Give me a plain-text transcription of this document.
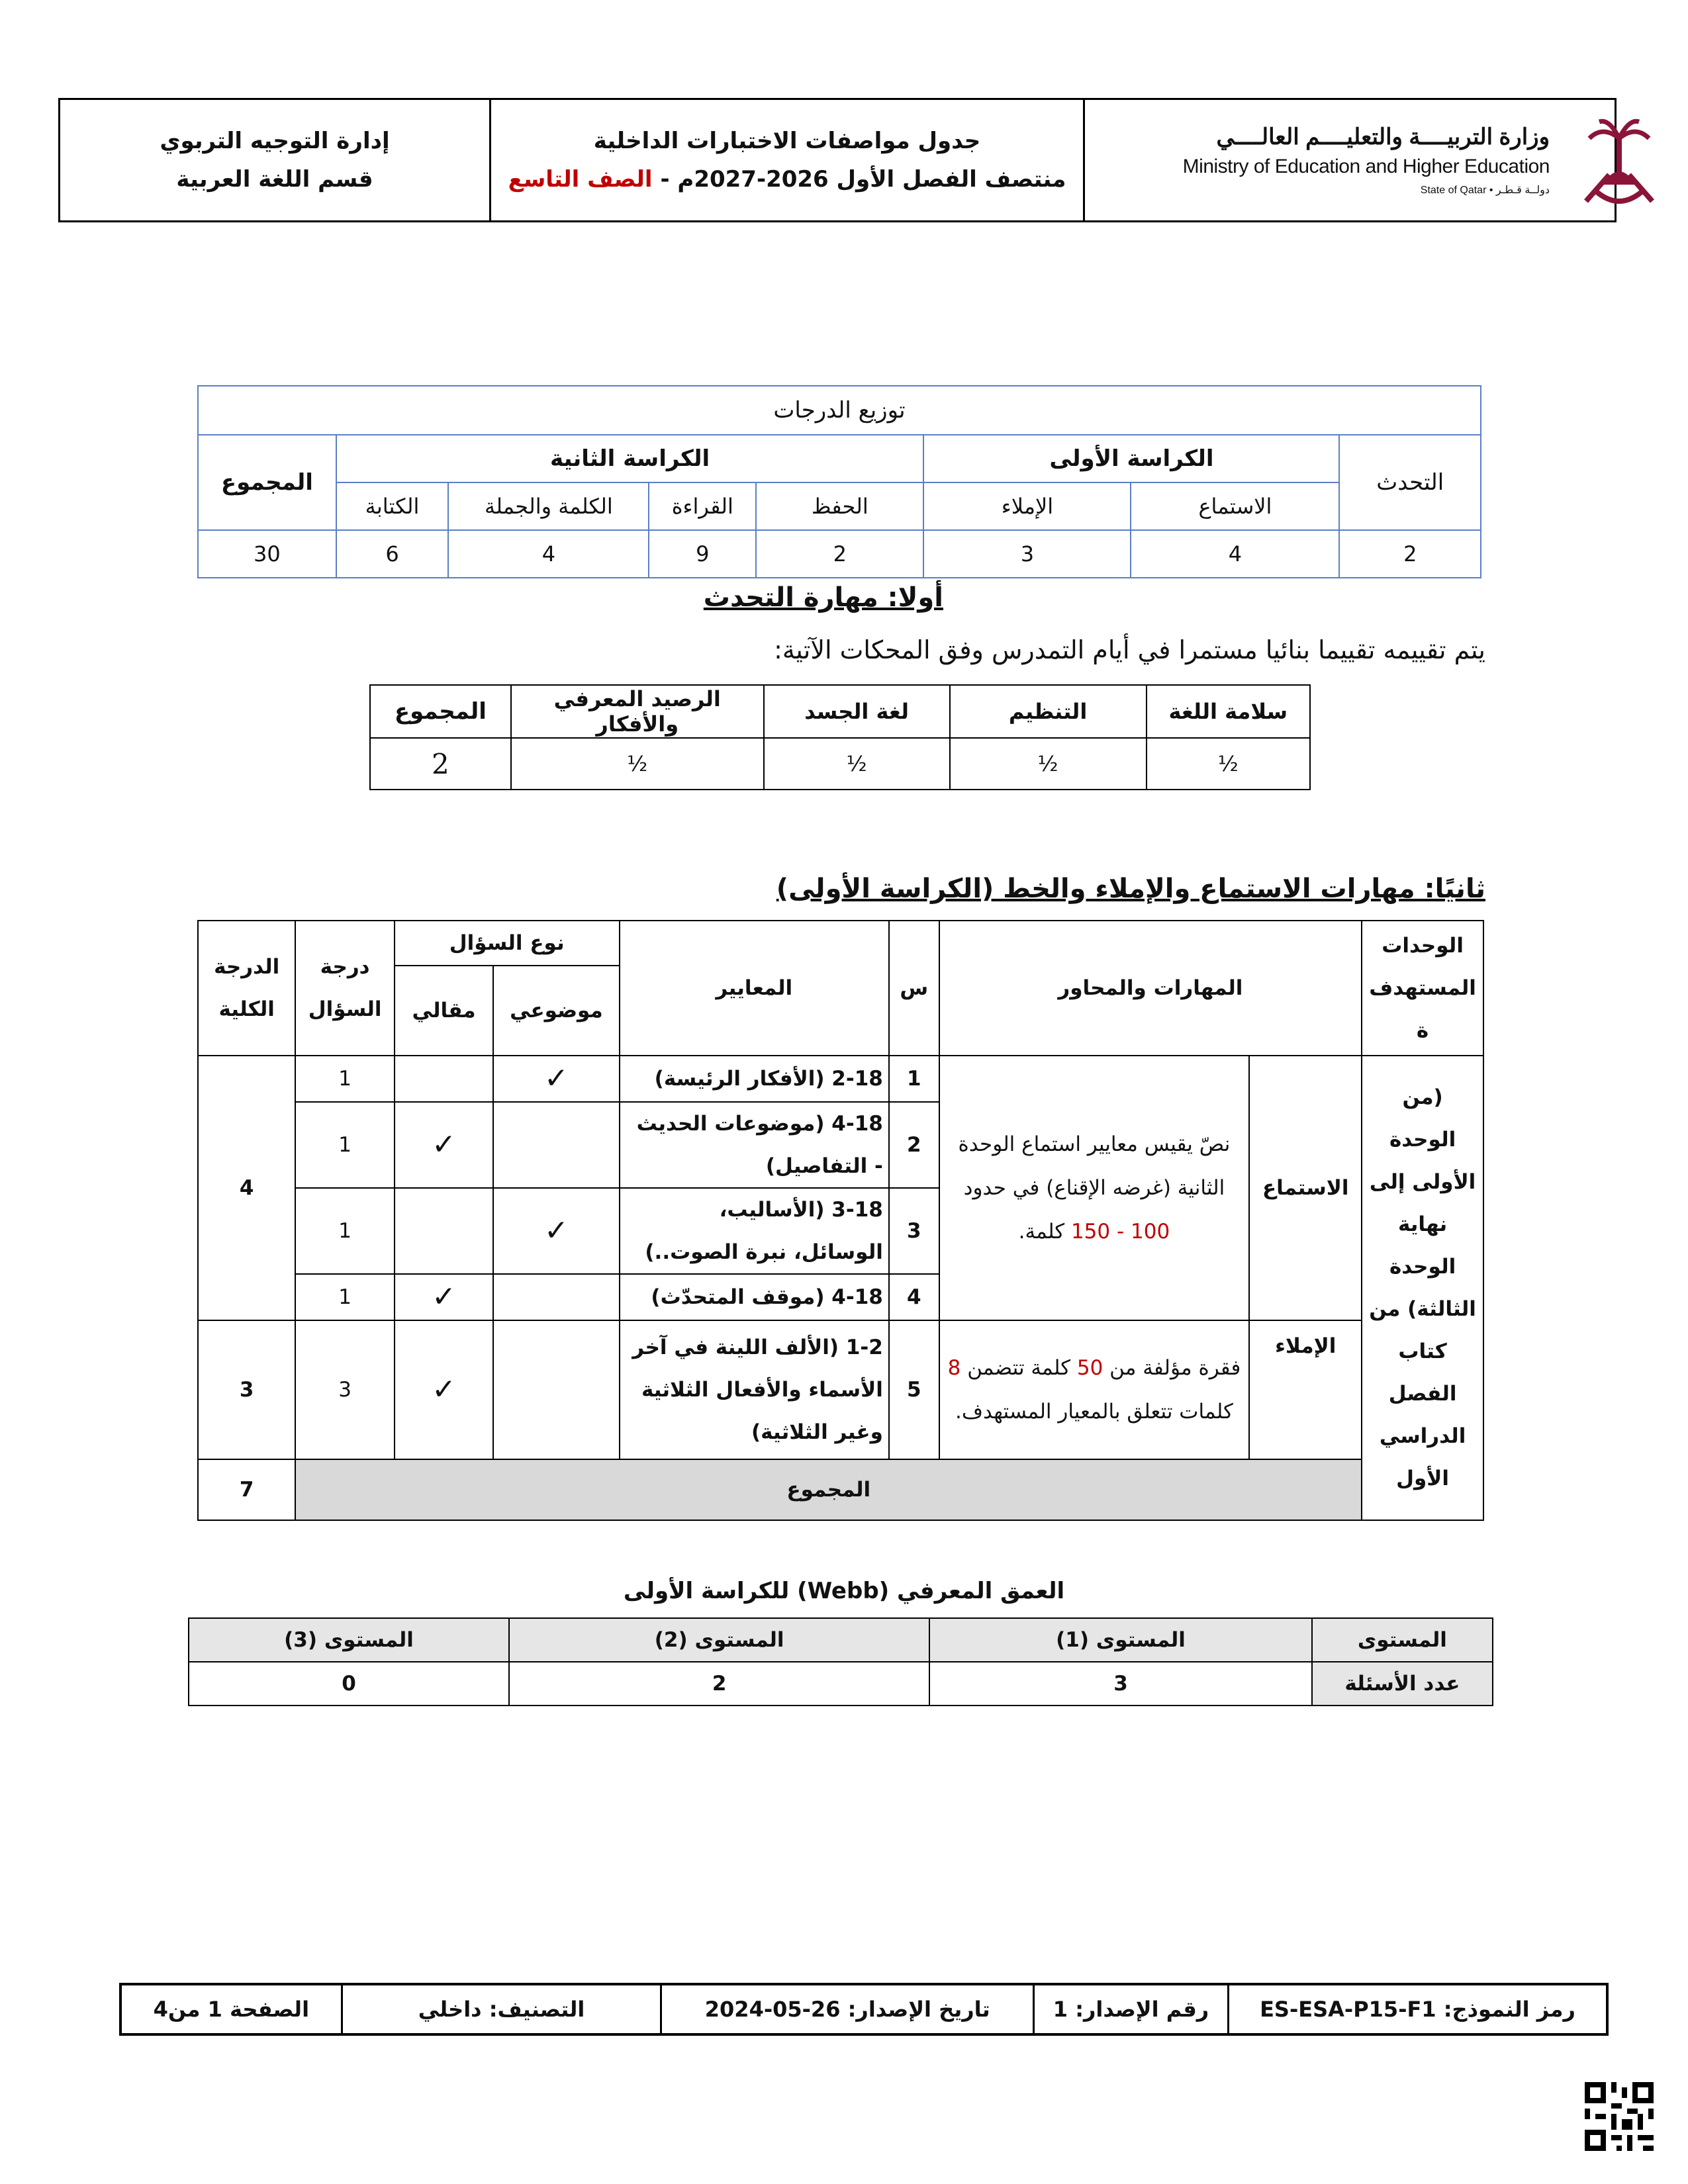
وزارة التربيــــة والتعليــــم العالــــي
Ministry of Education and Higher Education
State of Qatar • دولــة قـطـر
جدول مواصفات الاختبارات الداخلية
منتصف الفصل الأول 2026-2027م - الصف التاسع
إدارة التوجيه التربوي
قسم اللغة العربية
توزيع الدرجات							
التحدث	الكراسة الأولى		الكراسة الثانية				المجموع
	الاستماع	الإملاء	الحفظ	القراءة	الكلمة والجملة	الكتابة	
2	4	3	2	9	4	6	30
أولا: مهارة التحدث
يتم تقييمه تقييما بنائيا مستمرا في أيام التمدرس وفق المحكات الآتية:
سلامة اللغة	التنظيم	لغة الجسد	الرصيد المعرفي والأفكار	المجموع
½	½	½	½	2
ثانيًا: مهارات الاستماع والإملاء والخط (الكراسة الأولى)
الوحدات المستهدف ة	المهارات والمحاور		س	المعايير	نوع السؤال		درجة السؤال	الدرجة الكلية
					موضوعي	مقالي		
(من الوحدة الأولى إلى نهاية الوحدة الثالثة) من كتاب الفصل الدراسي الأول	الاستماع	نصّ يقيس معايير استماع الوحدة الثانية (غرضه الإقناع) في حدود 100 - 150 كلمة.	1	2-18 (الأفكار الرئيسة)	✓		1	4
			2	4-18 (موضوعات الحديث - التفاصيل)		✓	1	
			3	3-18 (الأساليب، الوسائل، نبرة الصوت..)	✓		1	
			4	4-18 (موقف المتحدّث)		✓	1	
	الإملاء	فقرة مؤلفة من 50 كلمة تتضمن 8 كلمات تتعلق بالمعيار المستهدف.	5	1-2 (الألف اللينة في آخر الأسماء والأفعال الثلاثية وغير الثلاثية)		✓	3	3
	المجموع							7
العمق المعرفي (Webb) للكراسة الأولى
المستوى	المستوى (1)	المستوى (2)	المستوى (3)
عدد الأسئلة	3	2	0
رمز النموذج: ES-ESA-P15-F1	رقم الإصدار: 1	تاريخ الإصدار: 26-05-2024	التصنيف: داخلي	الصفحة 1 من4
